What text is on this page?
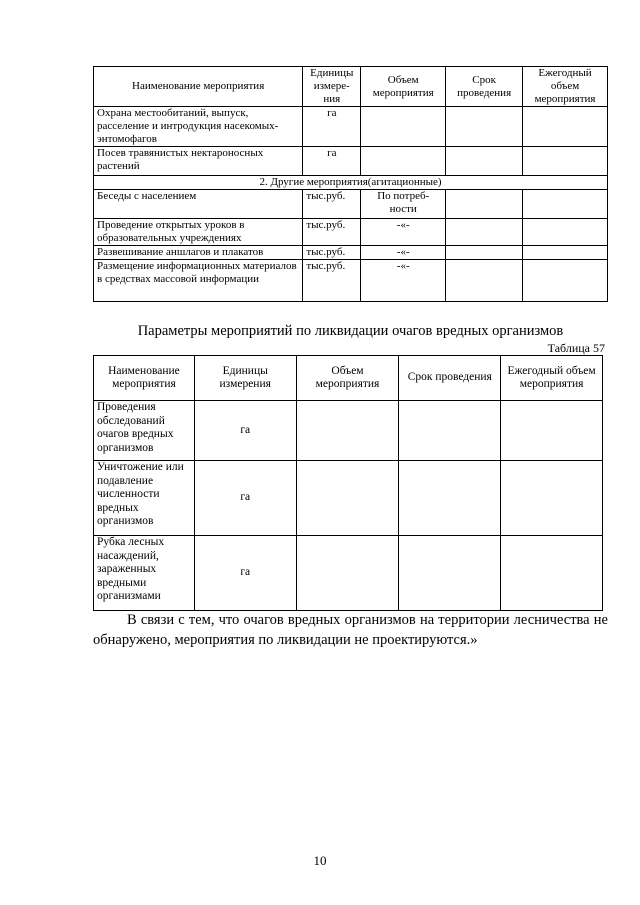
Наименование мероприятия	Единицы измере-ния	Объем мероприятия	Срок проведения	Ежегодный объем мероприятия
Охрана местообитаний, выпуск, расселение и интродукция насекомых-энтомофагов	га			
Посев травянистых нектароносных растений	га			
2. Другие мероприятия(агитационные)				
Беседы с населением	тыс.руб.	По потреб-ности		
Проведение открытых уроков в образовательных учреждениях	тыс.руб.	-«-		
Развешивание аншлагов и плакатов	тыс.руб.	-«-		
Размещение информационных материалов в средствах массовой информации	тыс.руб.	-«-		

Параметры мероприятий по ликвидации очагов вредных организмов

Таблица 57

Наименование мероприятия	Единицы измерения	Объем мероприятия	Срок проведения	Ежегодный объем мероприятия
Проведения обследований очагов вредных организмов	га			
Уничтожение или подавление численности вредных организмов	га			
Рубка лесных насаждений, зараженных вредными организмами	га			

В связи с тем, что очагов вредных организмов на территории лесничества не обнаружено, мероприятия по ликвидации не проектируются.»

10
